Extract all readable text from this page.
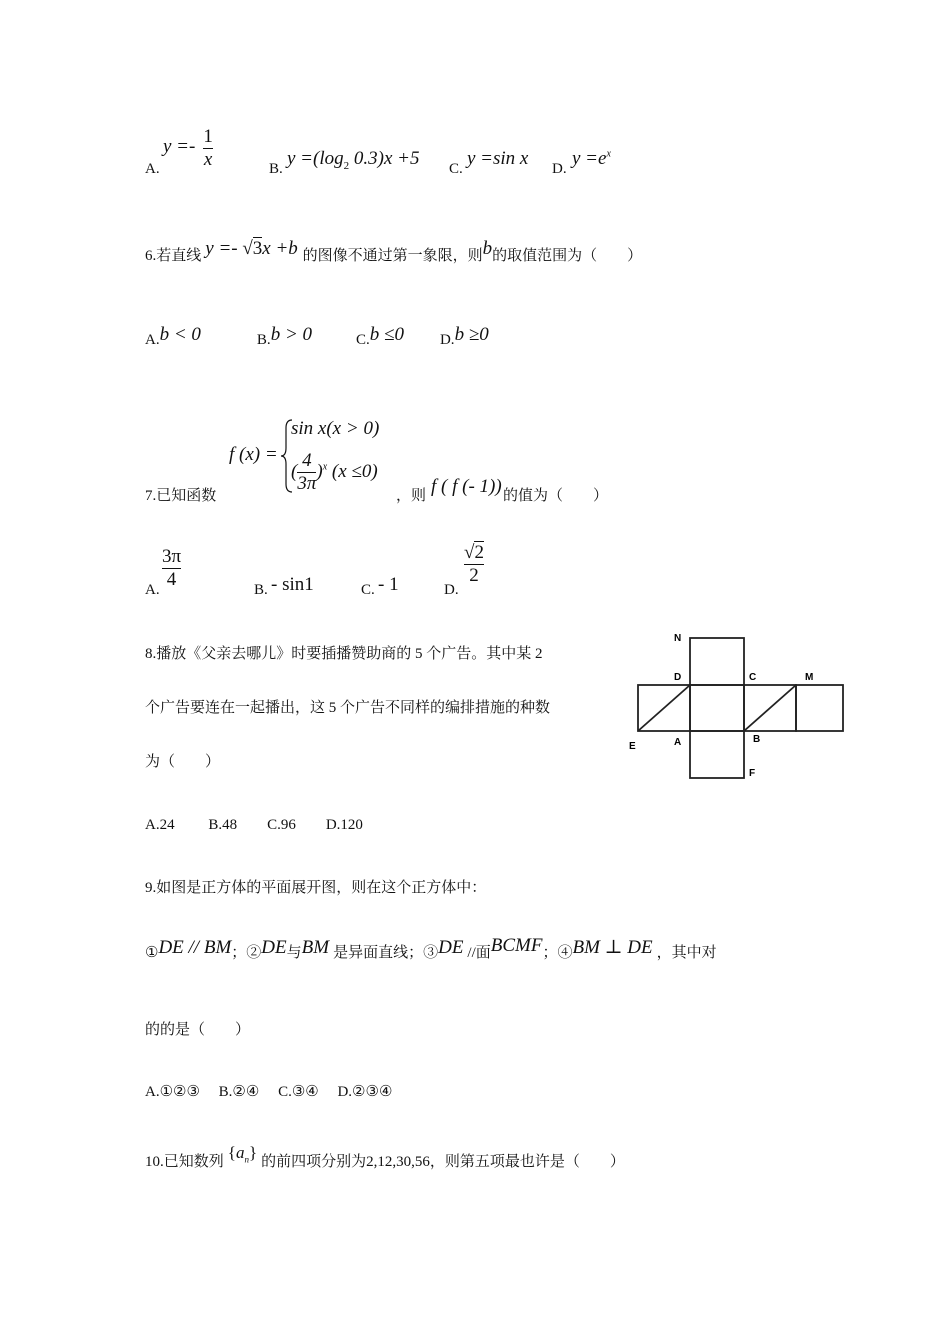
A.
$y =- \frac{1}{x}$	B. $y =(\log_2$ 0.3)x +5 C. y =sin x D. $y =e^x$
6.若直线 y =- √3x +b 的图像不通过第一象限，则b的取值范围为（　　）
A.b < 0	B.b > 0	C.b ≤0 D.b ≥0
7.已知函数
f (x) =
sin x(x > 0)
( $\frac{4}{3\pi} )^x$ (x ≤0)
，则 f ( f (- 1)) 的值为（　　）
A. $\frac{3\pi}{4}$	B. - sin1	C. - 1	D.
$\frac{√2}{2}$
8.播放《父亲去哪儿》时要插播赞助商的 5 个广告。其中某 2
个广告要连在一起播出，这 5 个广告不同样的编排措施的种数
为（　　）
A.24　　 B.48　　C.96　　D.120
N
D	C	M
E	A	B
F
9.如图是正方体的平面展开图，则在这个正方体中：
①DE // BM；②DE与BM 是异面直线；③DE //面BCMF；④BM ⊥ DE ，其中对
的的是（　　）
A.①②③　 B.②④　 C.③④　 D.②③④
10.已知数列 $\{a_n\}$ 的前四项分别为2,12,30,56，则第五项最也许是（　　）
